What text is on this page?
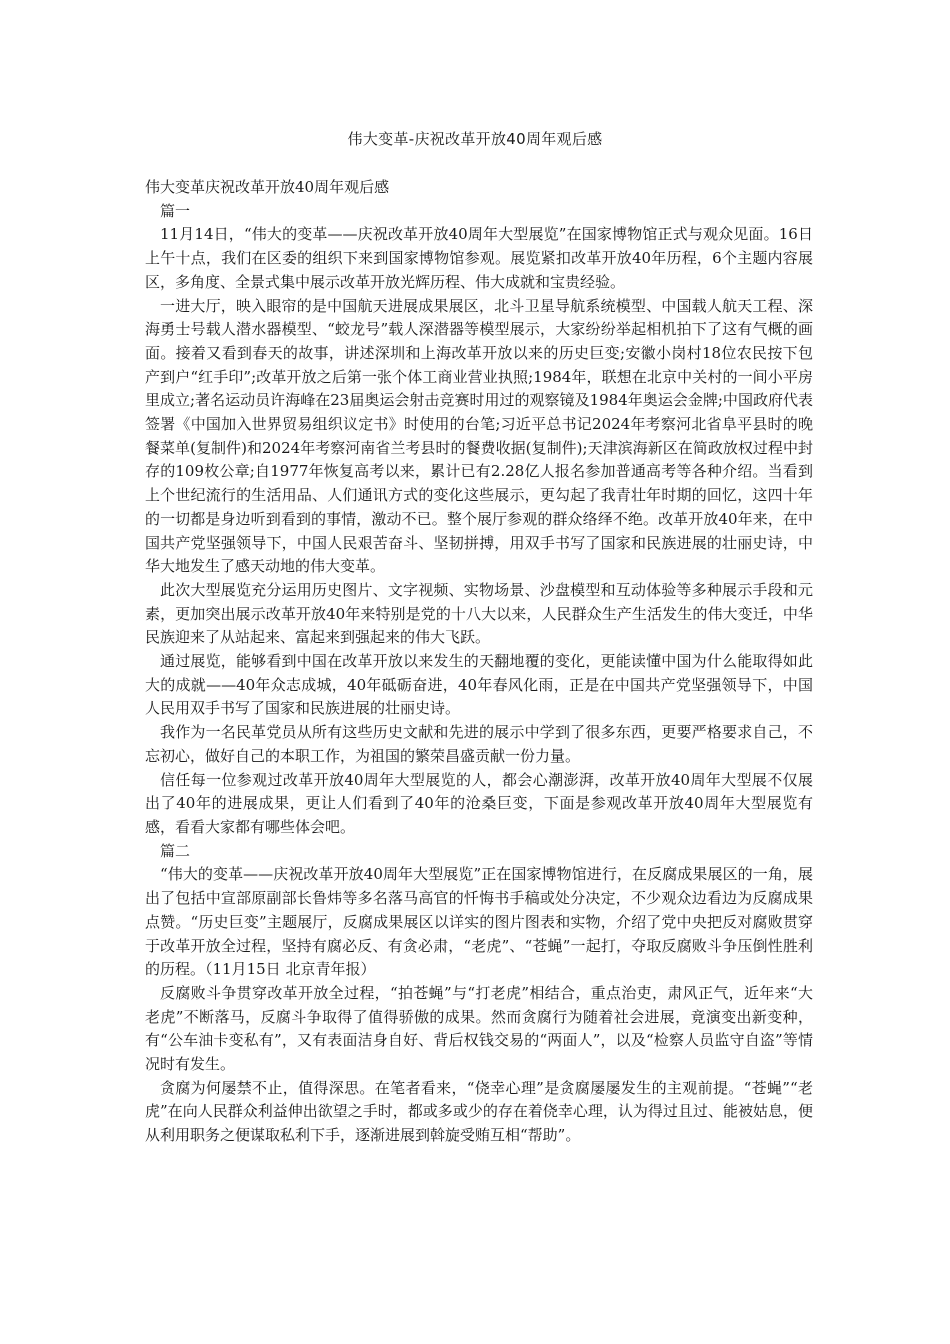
伟大变革-庆祝改革开放40周年观后感

伟大变革庆祝改革开放40周年观后感

篇一

11月14日，“伟大的变革——庆祝改革开放40周年大型展览”在国家博物馆正式与观众见面。16日上午十点，我们在区委的组织下来到国家博物馆参观。展览紧扣改革开放40年历程，6个主题内容展区，多角度、全景式集中展示改革开放光辉历程、伟大成就和宝贵经验。

一进大厅，映入眼帘的是中国航天进展成果展区，北斗卫星导航系统模型、中国载人航天工程、深海勇士号载人潜水器模型、“蛟龙号”载人深潜器等模型展示，大家纷纷举起相机拍下了这有气概的画面。接着又看到春天的故事，讲述深圳和上海改革开放以来的历史巨变;安徽小岗村18位农民按下包产到户“红手印”;改革开放之后第一张个体工商业营业执照;1984年，联想在北京中关村的一间小平房里成立;著名运动员许海峰在23届奥运会射击竞赛时用过的观察镜及1984年奥运会金牌;中国政府代表签署《中国加入世界贸易组织议定书》时使用的台笔;习近平总书记2024年考察河北省阜平县时的晚餐菜单(复制件)和2024年考察河南省兰考县时的餐费收据(复制件);天津滨海新区在简政放权过程中封存的109枚公章;自1977年恢复高考以来，累计已有2.28亿人报名参加普通高考等各种介绍。当看到上个世纪流行的生活用品、人们通讯方式的变化这些展示，更勾起了我青壮年时期的回忆，这四十年的一切都是身边听到看到的事情，激动不已。整个展厅参观的群众络绎不绝。改革开放40年来，在中国共产党坚强领导下，中国人民艰苦奋斗、坚韧拼搏，用双手书写了国家和民族进展的壮丽史诗，中华大地发生了感天动地的伟大变革。

此次大型展览充分运用历史图片、文字视频、实物场景、沙盘模型和互动体验等多种展示手段和元素，更加突出展示改革开放40年来特别是党的十八大以来，人民群众生产生活发生的伟大变迁，中华民族迎来了从站起来、富起来到强起来的伟大飞跃。

通过展览，能够看到中国在改革开放以来发生的天翻地覆的变化，更能读懂中国为什么能取得如此大的成就——40年众志成城，40年砥砺奋进，40年春风化雨，正是在中国共产党坚强领导下，中国人民用双手书写了国家和民族进展的壮丽史诗。

我作为一名民革党员从所有这些历史文献和先进的展示中学到了很多东西，更要严格要求自己，不忘初心，做好自己的本职工作，为祖国的繁荣昌盛贡献一份力量。

信任每一位参观过改革开放40周年大型展览的人，都会心潮澎湃，改革开放40周年大型展不仅展出了40年的进展成果，更让人们看到了40年的沧桑巨变，下面是参观改革开放40周年大型展览有感，看看大家都有哪些体会吧。

篇二

“伟大的变革——庆祝改革开放40周年大型展览”正在国家博物馆进行，在反腐成果展区的一角，展出了包括中宣部原副部长鲁炜等多名落马高官的忏悔书手稿或处分决定，不少观众边看边为反腐成果点赞。“历史巨变”主题展厅，反腐成果展区以详实的图片图表和实物，介绍了党中央把反对腐败贯穿于改革开放全过程，坚持有腐必反、有贪必肃，“老虎”、“苍蝇”一起打，夺取反腐败斗争压倒性胜利的历程。（11月15日 北京青年报）

反腐败斗争贯穿改革开放全过程，“拍苍蝇”与“打老虎”相结合，重点治吏，肃风正气，近年来“大老虎”不断落马，反腐斗争取得了值得骄傲的成果。然而贪腐行为随着社会进展，竟演变出新变种，有“公车油卡变私有”，又有表面洁身自好、背后权钱交易的“两面人”，以及“检察人员监守自盗”等情况时有发生。

贪腐为何屡禁不止，值得深思。在笔者看来，“侥幸心理”是贪腐屡屡发生的主观前提。“苍蝇”“老虎”在向人民群众利益伸出欲望之手时，都或多或少的存在着侥幸心理，认为得过且过、能被姑息，便从利用职务之便谋取私利下手，逐渐进展到斡旋受贿互相“帮助”。
